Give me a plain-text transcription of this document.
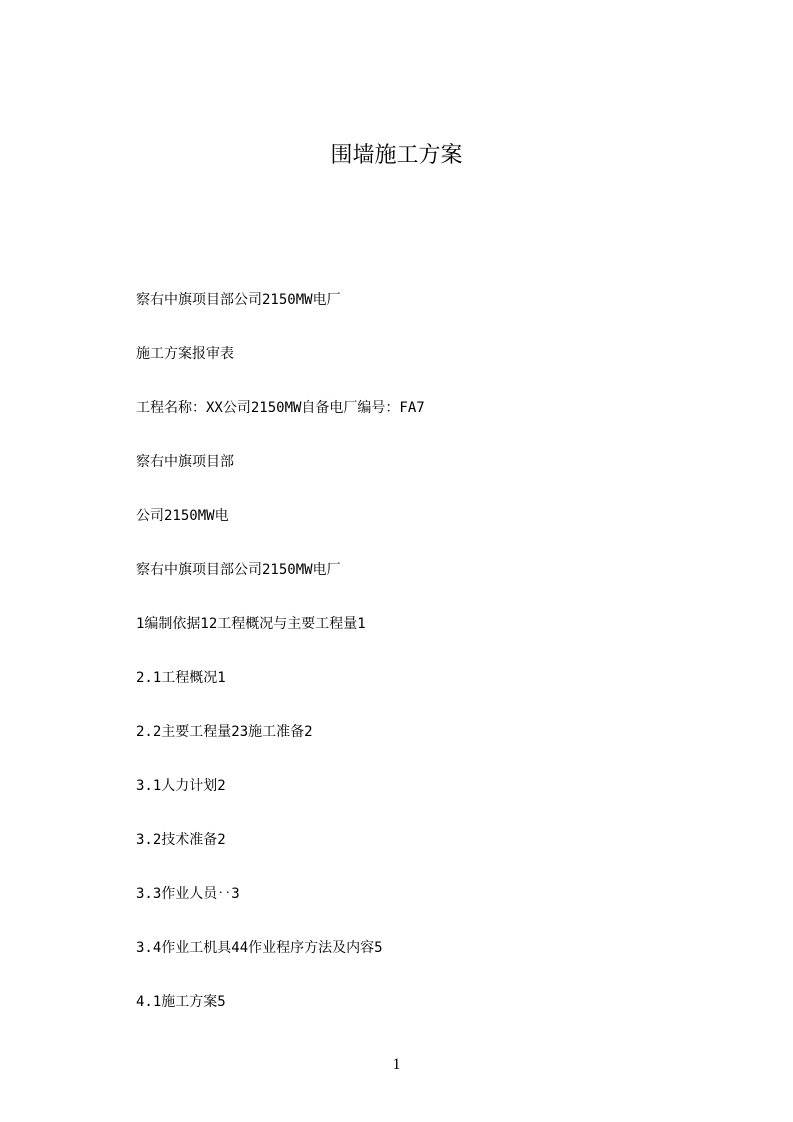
围墙施工方案
察右中旗项目部公司2150MW电厂
施工方案报审表
工程名称：XX公司2150MW自备电厂编号：FA7
察右中旗项目部
公司2150MW电
察右中旗项目部公司2150MW电厂
1编制依据12工程概况与主要工程量1
2.1工程概况1
2.2主要工程量23施工准备2
3.1人力计划2
3.2技术准备2
3.3作业人员‥3
3.4作业工机具44作业程序方法及内容5
4.1施工方案5
1
